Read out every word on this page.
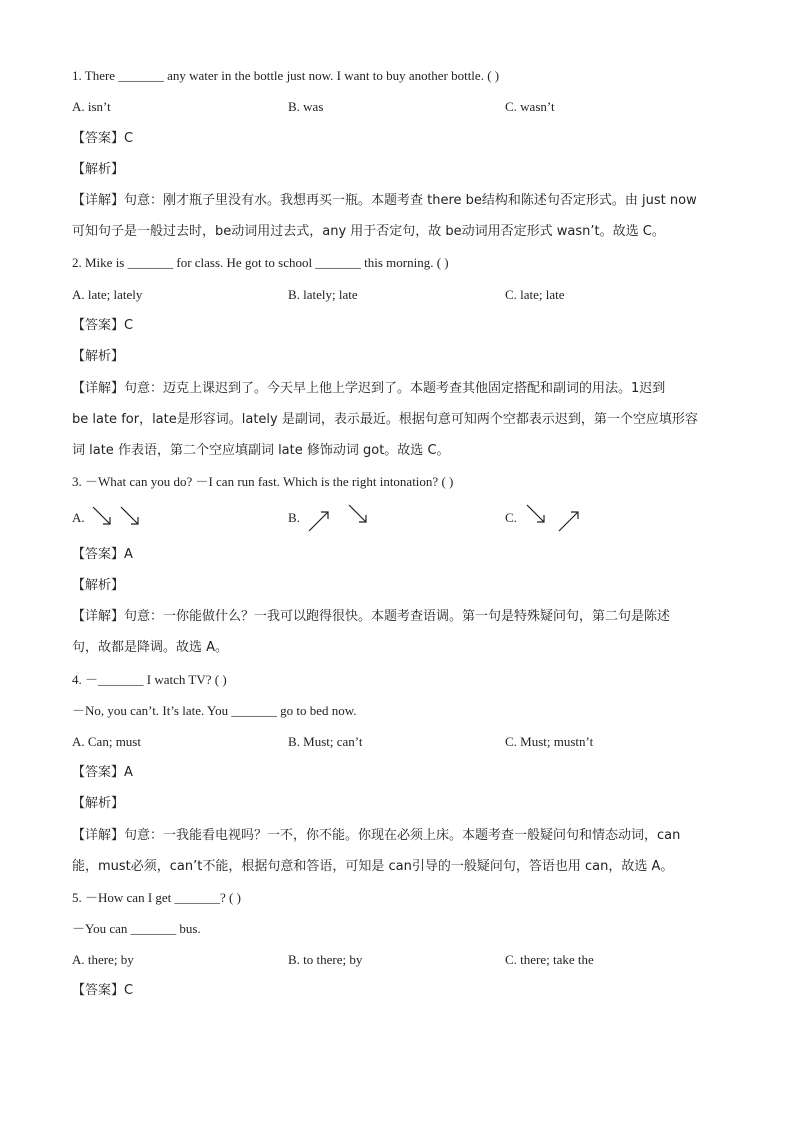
1. There _______ any water in the bottle just now. I want to buy another bottle. ( )
A. isn’t	B. was	C. wasn’t
【答案】C
【解析】
【详解】句意：刚才瓶子里没有水。我想再买一瓶。本题考查 there be结构和陈述句否定形式。由 just now
可知句子是一般过去时，be动词用过去式，any 用于否定句，故 be动词用否定形式 wasn’t。故选 C。
2. Mike is _______ for class. He got to school _______ this morning. ( )
A. late; lately	B. lately; late	C. late; late
【答案】C
【解析】
【详解】句意：迈克上课迟到了。今天早上他上学迟到了。本题考查其他固定搭配和副词的用法。1迟到
be late for，late是形容词。lately 是副词，表示最近。根据句意可知两个空都表示迟到，第一个空应填形容
词 late 作表语，第二个空应填副词 late 修饰动词 got。故选 C。
3. －What can you do? －I can run fast. Which is the right intonation? ( )
A.	B.	C.
【答案】A
【解析】
【详解】句意：一你能做什么？一我可以跑得很快。本题考查语调。第一句是特殊疑问句，第二句是陈述
句，故都是降调。故选 A。
4. －_______ I watch TV? ( )
－No, you can’t. It’s late. You _______ go to bed now.
A. Can; must	B. Must; can’t	C. Must; mustn’t
【答案】A
【解析】
【详解】句意：一我能看电视吗？一不，你不能。你现在必须上床。本题考查一般疑问句和情态动词，can
能，must必须，can’t不能，根据句意和答语，可知是 can引导的一般疑问句，答语也用 can，故选 A。
5. －How can I get _______? ( )
－You can _______ bus.
A. there; by	B. to there; by	C. there; take the
【答案】C
